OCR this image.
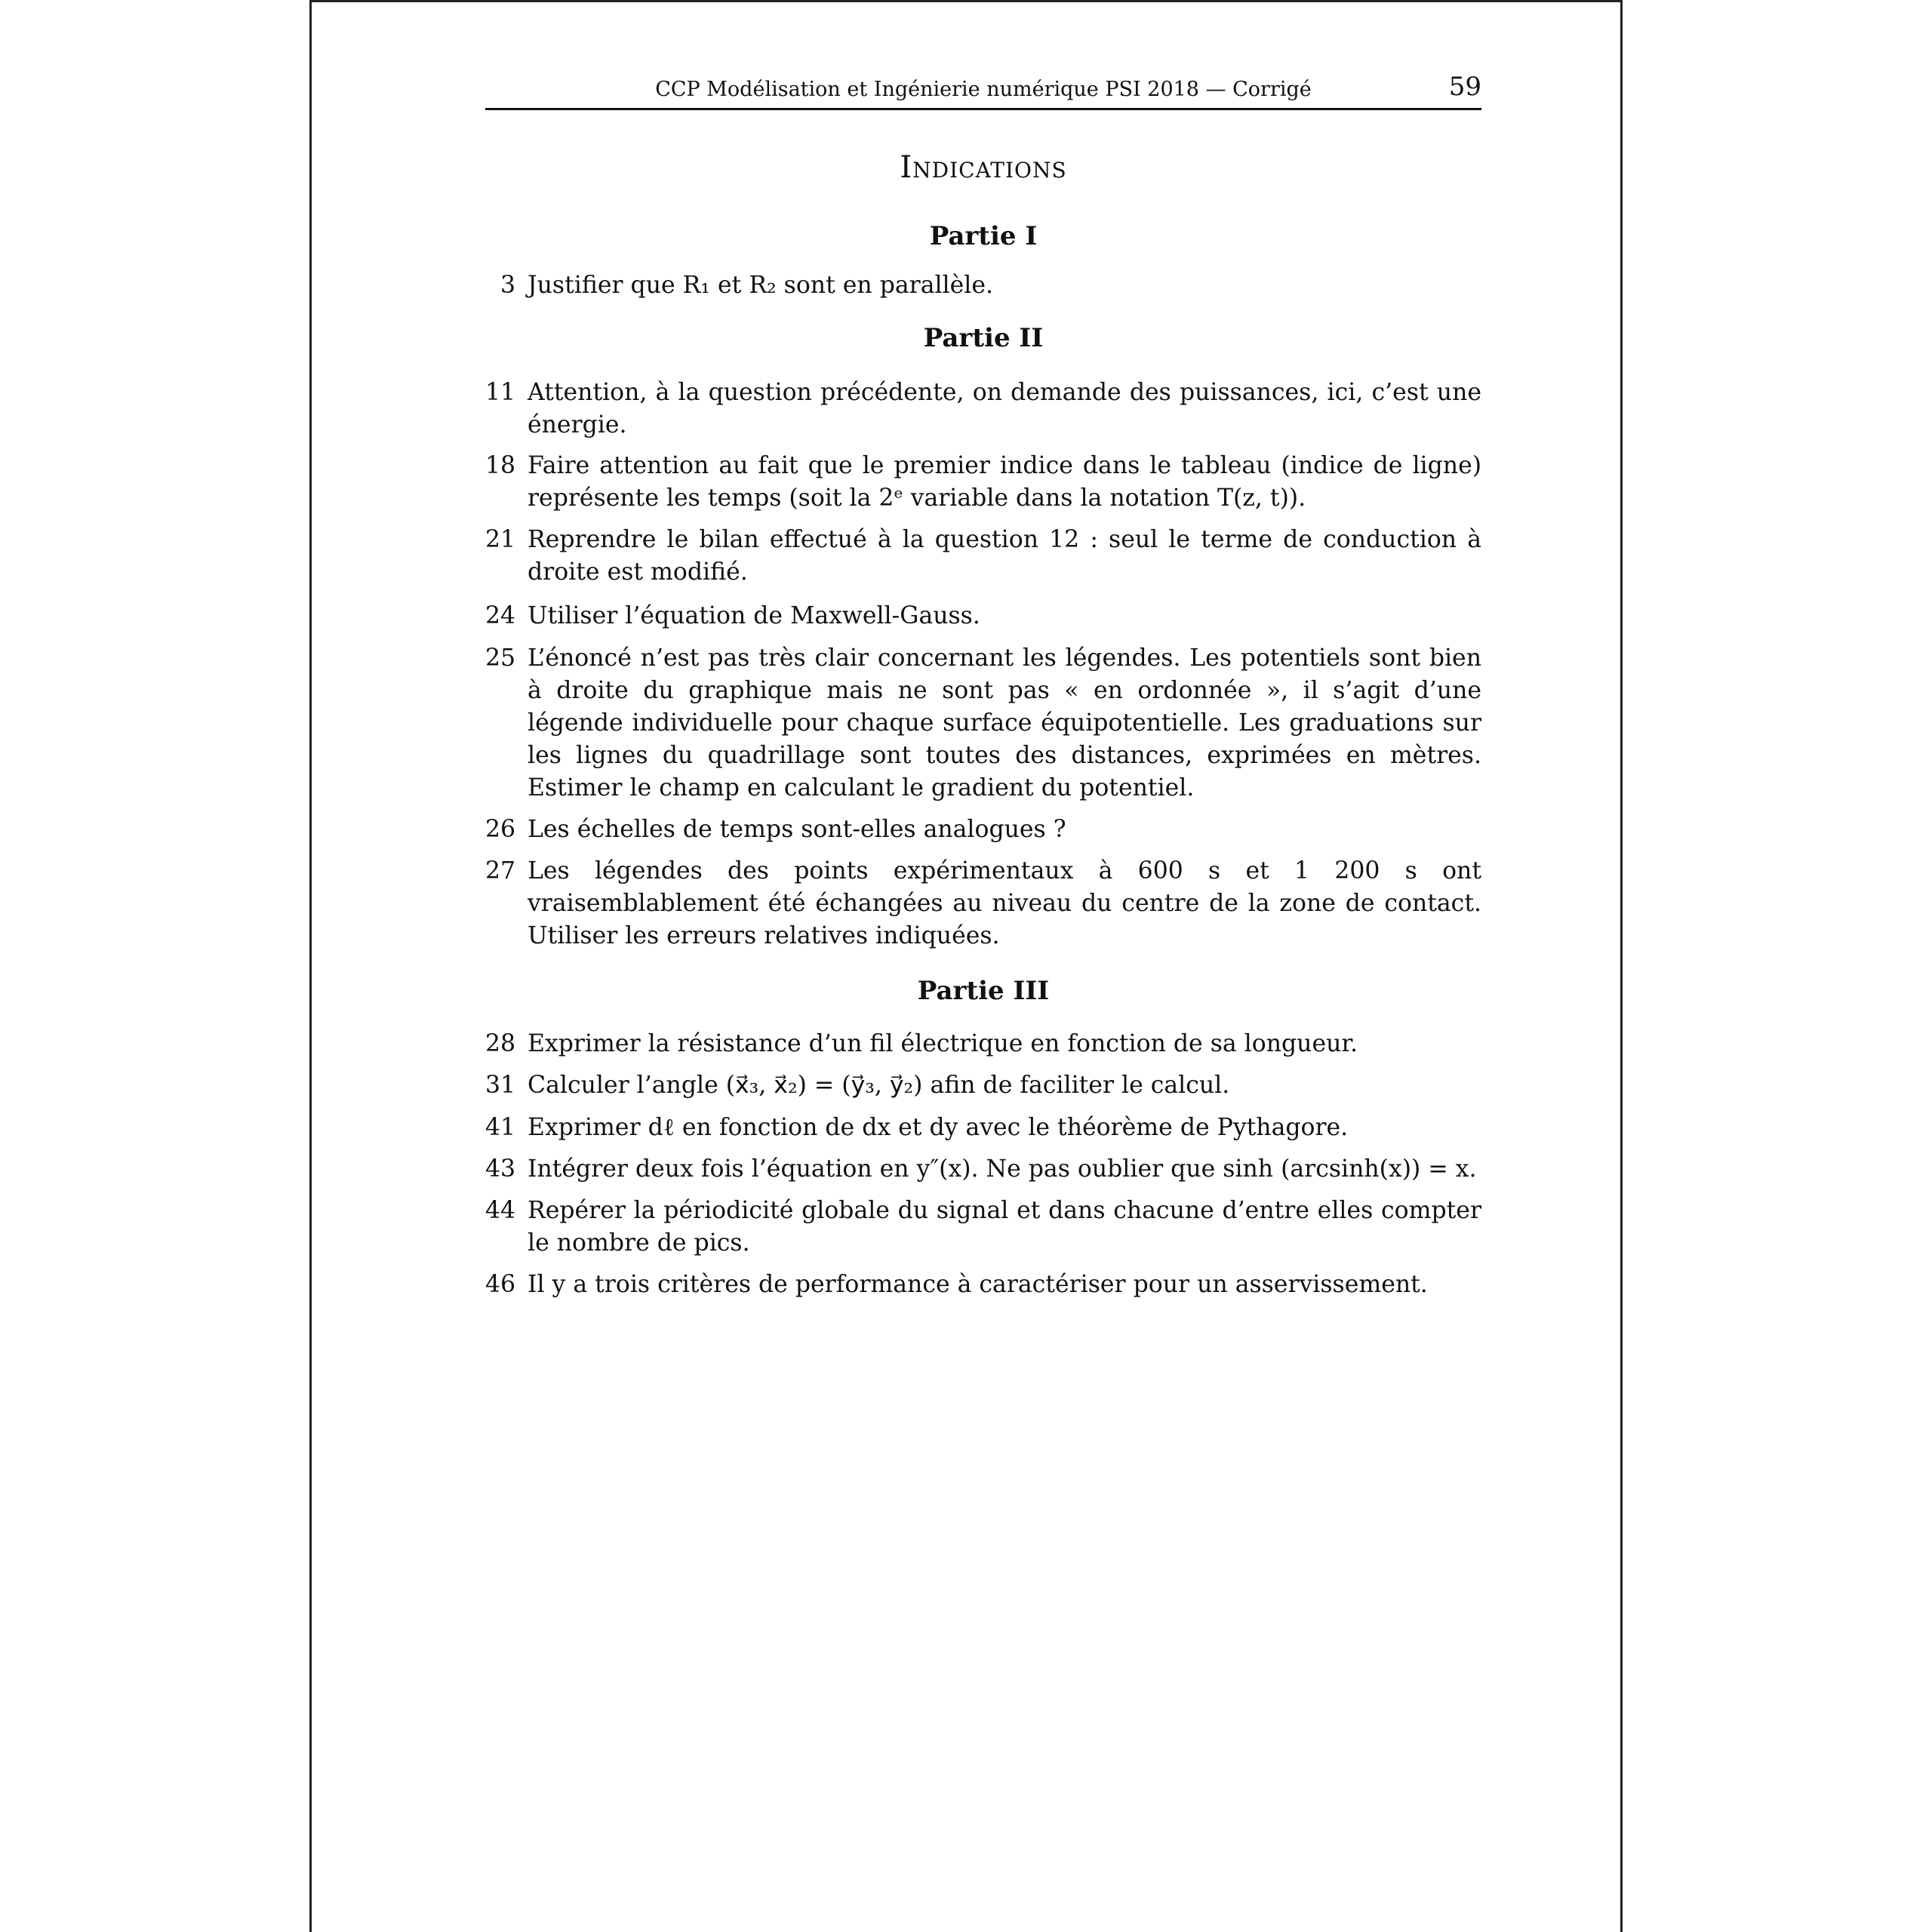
CCP Modélisation et Ingénierie numérique PSI 2018 — Corrigé	59
Indications
Partie I
3 Justifier que R₁ et R₂ sont en parallèle.
Partie II
11 Attention, à la question précédente, on demande des puissances, ici, c’est une énergie.
18 Faire attention au fait que le premier indice dans le tableau (indice de ligne) représente les temps (soit la 2ᵉ variable dans la notation T(z, t)).
21 Reprendre le bilan effectué à la question 12 : seul le terme de conduction à droite est modifié.
24 Utiliser l’équation de Maxwell-Gauss.
25 L’énoncé n’est pas très clair concernant les légendes. Les potentiels sont bien à droite du graphique mais ne sont pas « en ordonnée », il s’agit d’une légende individuelle pour chaque surface équipotentielle. Les graduations sur les lignes du quadrillage sont toutes des distances, exprimées en mètres. Estimer le champ en calculant le gradient du potentiel.
26 Les échelles de temps sont-elles analogues ?
27 Les légendes des points expérimentaux à 600 s et 1 200 s ont vraisemblablement été échangées au niveau du centre de la zone de contact. Utiliser les erreurs relatives indiquées.
Partie III
28 Exprimer la résistance d’un fil électrique en fonction de sa longueur.
31 Calculer l’angle (x⃗₃, x⃗₂) = (y⃗₃, y⃗₂) afin de faciliter le calcul.
41 Exprimer dℓ en fonction de dx et dy avec le théorème de Pythagore.
43 Intégrer deux fois l’équation en y″(x). Ne pas oublier que sinh (arcsinh(x)) = x.
44 Repérer la périodicité globale du signal et dans chacune d’entre elles compter le nombre de pics.
46 Il y a trois critères de performance à caractériser pour un asservissement.
